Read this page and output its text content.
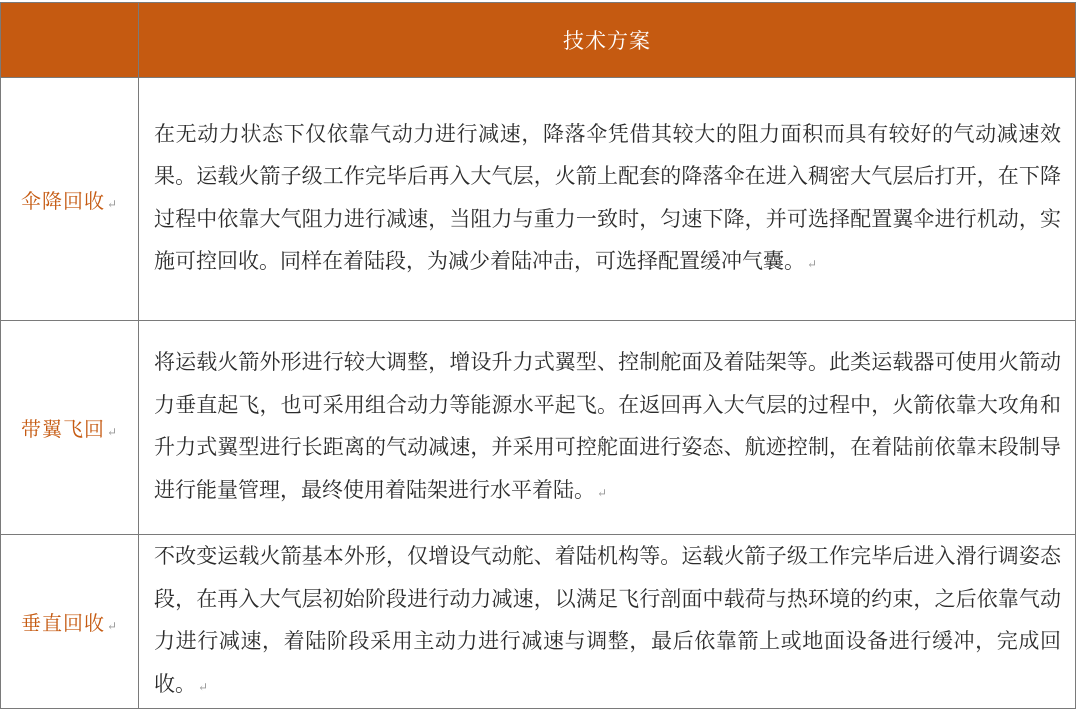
	技术方案
伞降回收 ↵	在无动力状态下仅依靠气动力进行减速，降落伞凭借其较大的阻力面积而具有较好的气动减速效果。运载火箭子级工作完毕后再入大气层，火箭上配套的降落伞在进入稠密大气层后打开，在下降过程中依靠大气阻力进行减速，当阻力与重力一致时，匀速下降，并可选择配置翼伞进行机动，实施可控回收。同样在着陆段，为减少着陆冲击，可选择配置缓冲气囊。 ↵
带翼飞回 ↵	将运载火箭外形进行较大调整，增设升力式翼型、控制舵面及着陆架等。此类运载器可使用火箭动力垂直起飞，也可采用组合动力等能源水平起飞。在返回再入大气层的过程中，火箭依靠大攻角和升力式翼型进行长距离的气动减速，并采用可控舵面进行姿态、航迹控制，在着陆前依靠末段制导进行能量管理，最终使用着陆架进行水平着陆。 ↵
垂直回收 ↵	不改变运载火箭基本外形，仅增设气动舵、着陆机构等。运载火箭子级工作完毕后进入滑行调姿态段，在再入大气层初始阶段进行动力减速，以满足飞行剖面中载荷与热环境的约束，之后依靠气动力进行减速，着陆阶段采用主动力进行减速与调整，最后依靠箭上或地面设备进行缓冲，完成回收。 ↵
